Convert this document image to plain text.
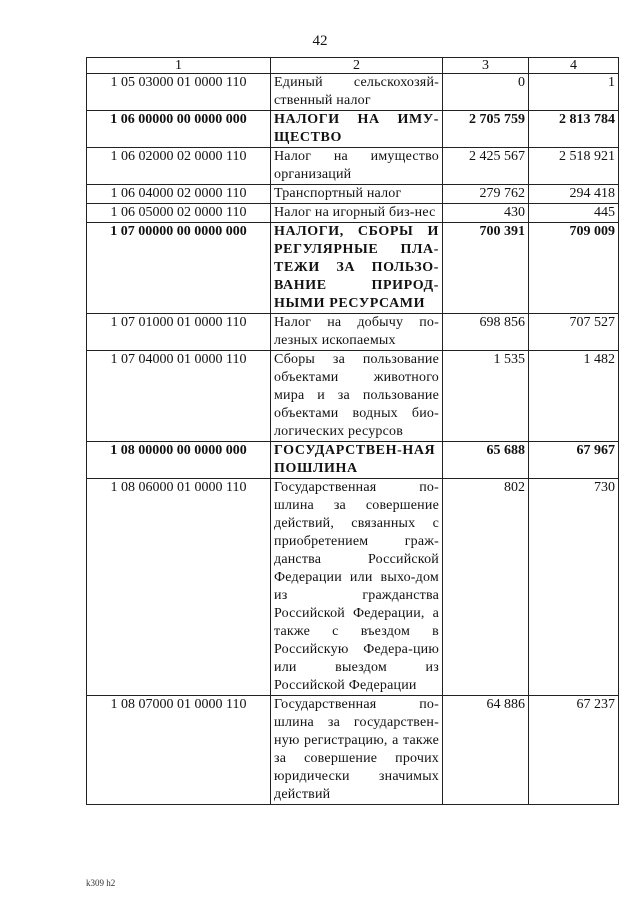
42
1	2	3	4
1 05 03000 01 0000 110	Единый сельскохозяй-ственный налог	0	1
1 06 00000 00 0000 000	НАЛОГИ НА ИМУ-ЩЕСТВО	2 705 759	2 813 784
1 06 02000 02 0000 110	Налог на имущество организаций	2 425 567	2 518 921
1 06 04000 02 0000 110	Транспортный налог	279 762	294 418
1 06 05000 02 0000 110	Налог на игорный биз-нес	430	445
1 07 00000 00 0000 000	НАЛОГИ, СБОРЫ И РЕГУЛЯРНЫЕ ПЛА-ТЕЖИ ЗА ПОЛЬЗО-ВАНИЕ ПРИРОД-НЫМИ РЕСУРСАМИ	700 391	709 009
1 07 01000 01 0000 110	Налог на добычу по-лезных ископаемых	698 856	707 527
1 07 04000 01 0000 110	Сборы за пользование объектами животного мира и за пользование объектами водных био-логических ресурсов	1 535	1 482
1 08 00000 00 0000 000	ГОСУДАРСТВЕН-НАЯ ПОШЛИНА	65 688	67 967
1 08 06000 01 0000 110	Государственная по-шлина за совершение действий, связанных с приобретением граж-данства Российской Федерации или выхо-дом из гражданства Российской Федерации, а также с въездом в Российскую Федера-цию или выездом из Российской Федерации	802	730
1 08 07000 01 0000 110	Государственная по-шлина за государствен-ную регистрацию, а также за совершение прочих юридически значимых действий	64 886	67 237
k309 h2
